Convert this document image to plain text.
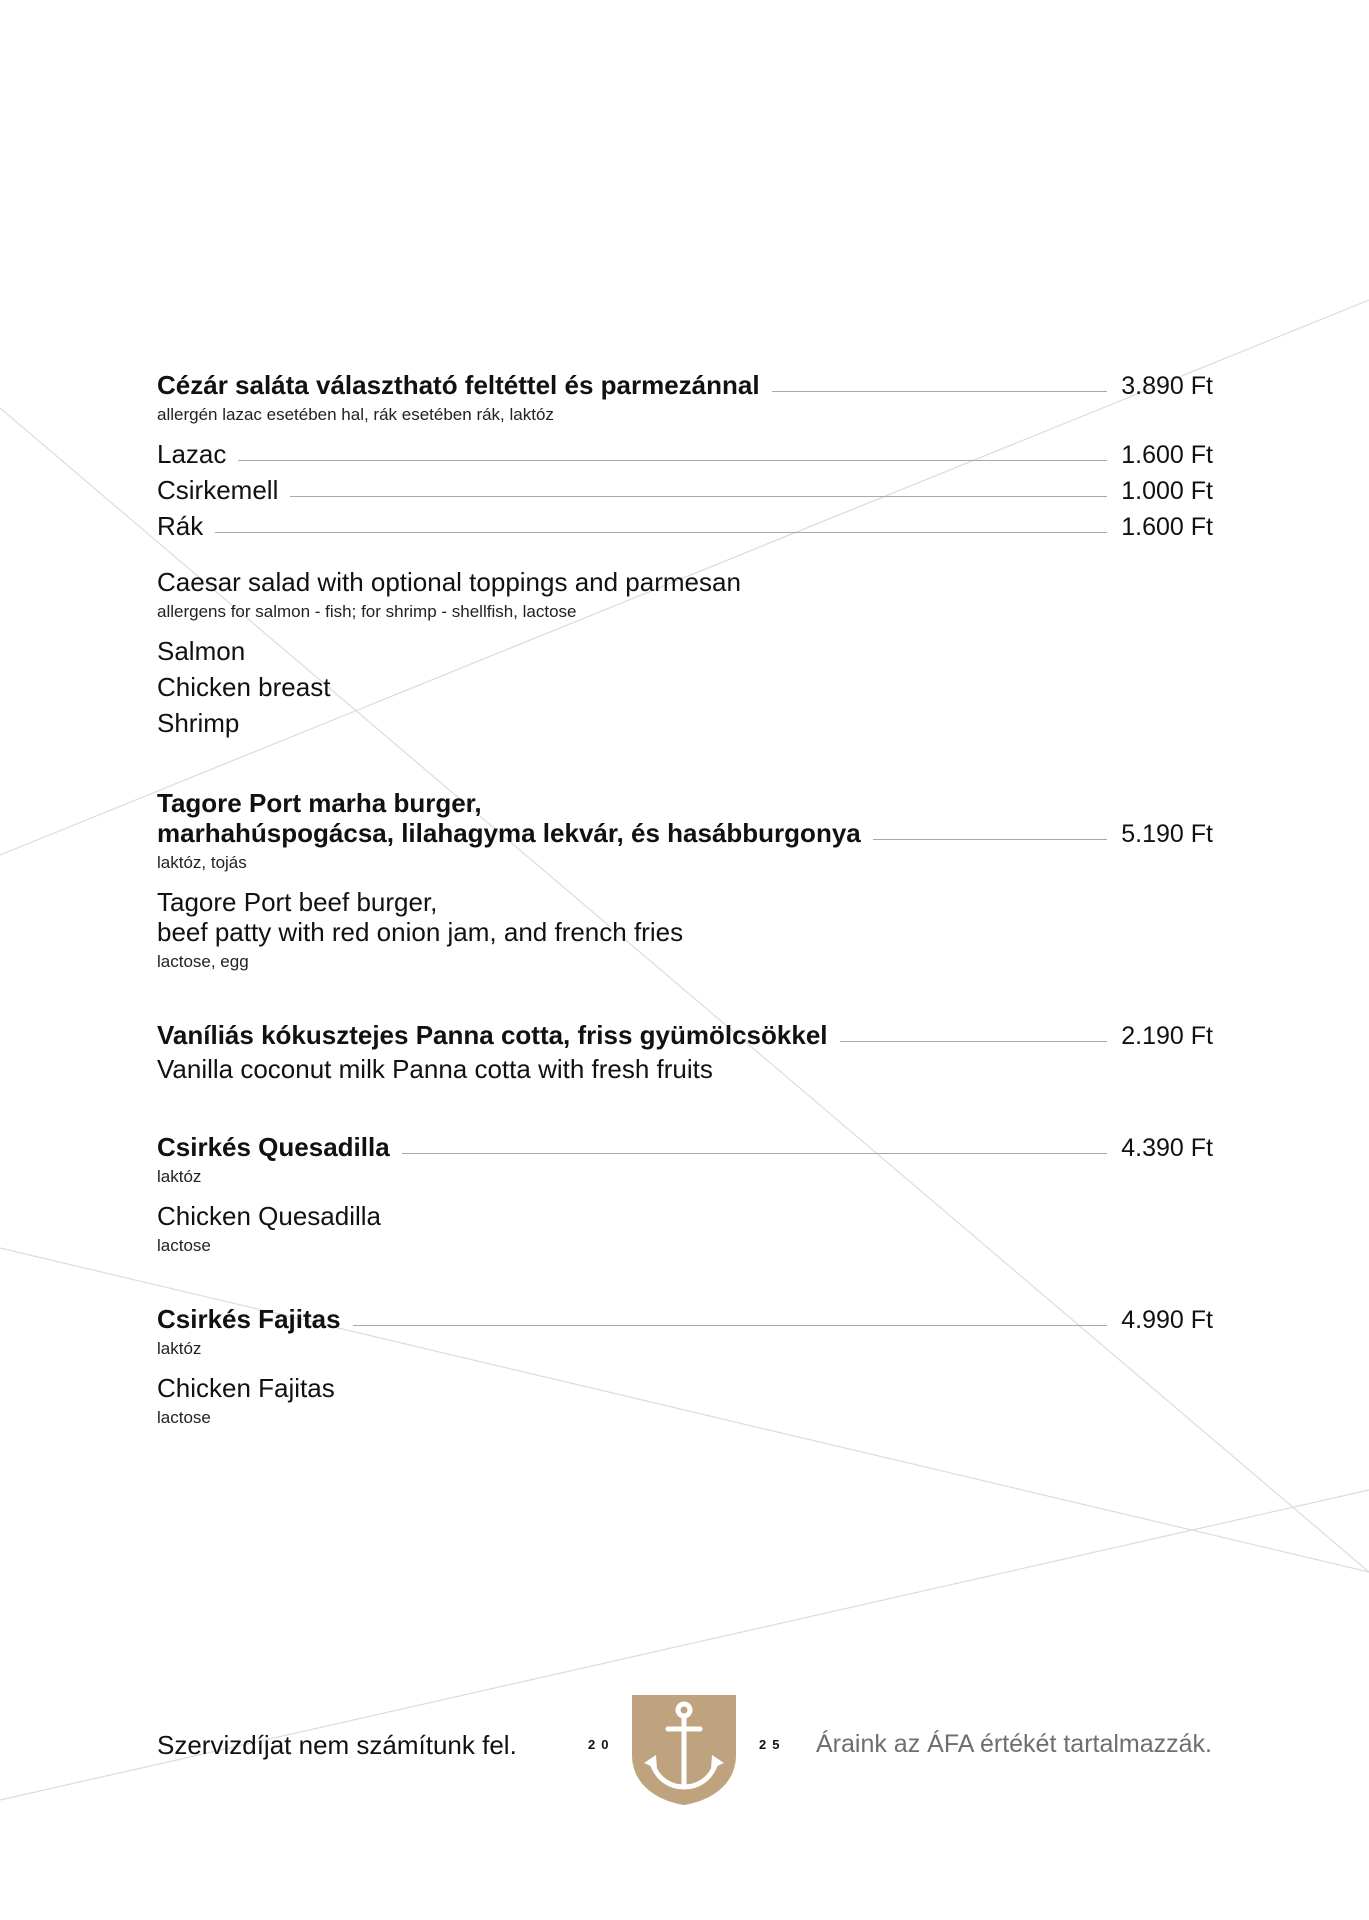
Cézár saláta választható feltéttel és parmezánnal	3.890 Ft
allergén lazac esetében hal, rák esetében rák, laktóz
Lazac	1.600 Ft
Csirkemell	1.000 Ft
Rák	1.600 Ft
Caesar salad with optional toppings and parmesan
allergens for salmon - fish; for shrimp - shellfish, lactose
Salmon
Chicken breast
Shrimp
Tagore Port marha burger,
marhahúspogácsa, lilahagyma lekvár, és hasábburgonya	5.190 Ft
laktóz, tojás
Tagore Port beef burger,
beef patty with red onion jam, and french fries
lactose, egg
Vaníliás kókusztejes Panna cotta, friss gyümölcsökkel	2.190 Ft
Vanilla coconut milk Panna cotta with fresh fruits
Csirkés Quesadilla	4.390 Ft
laktóz
Chicken Quesadilla
lactose
Csirkés Fajitas	4.990 Ft
laktóz
Chicken Fajitas
lactose
Szervizdíjat nem számítunk fel.	20	25 Áraink az ÁFA értékét tartalmazzák.
